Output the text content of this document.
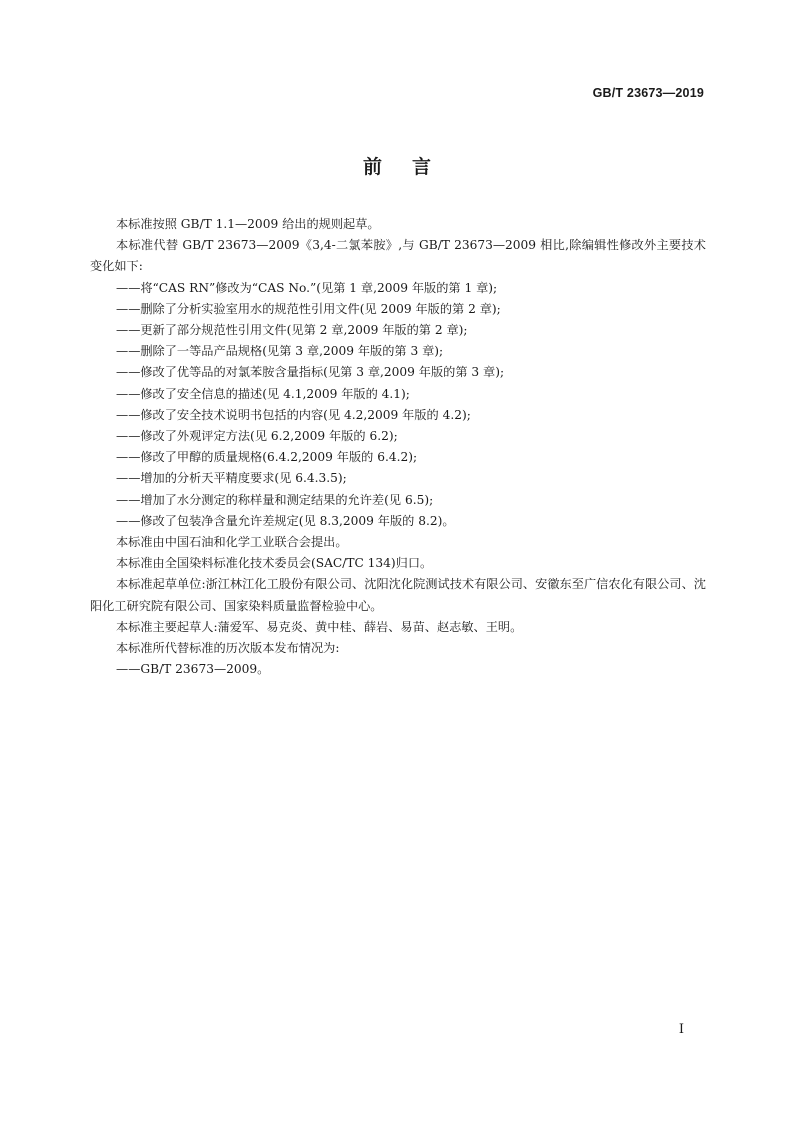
GB/T 23673—2019
前言

本标准按照 GB/T 1.1—2009 给出的规则起草。

本标准代替 GB/T 23673—2009《3,4-二氯苯胺》,与 GB/T 23673—2009 相比,除编辑性修改外主要技术变化如下:

——将“CAS RN”修改为“CAS No.”(见第 1 章,2009 年版的第 1 章);

——删除了分析实验室用水的规范性引用文件(见 2009 年版的第 2 章);

——更新了部分规范性引用文件(见第 2 章,2009 年版的第 2 章);

——删除了一等品产品规格(见第 3 章,2009 年版的第 3 章);

——修改了优等品的对氯苯胺含量指标(见第 3 章,2009 年版的第 3 章);

——修改了安全信息的描述(见 4.1,2009 年版的 4.1);

——修改了安全技术说明书包括的内容(见 4.2,2009 年版的 4.2);

——修改了外观评定方法(见 6.2,2009 年版的 6.2);

——修改了甲醇的质量规格(6.4.2,2009 年版的 6.4.2);

——增加的分析天平精度要求(见 6.4.3.5);

——增加了水分测定的称样量和测定结果的允许差(见 6.5);

——修改了包装净含量允许差规定(见 8.3,2009 年版的 8.2)。

本标准由中国石油和化学工业联合会提出。

本标准由全国染料标准化技术委员会(SAC/TC 134)归口。

本标准起草单位:浙江林江化工股份有限公司、沈阳沈化院测试技术有限公司、安徽东至广信农化有限公司、沈阳化工研究院有限公司、国家染料质量监督检验中心。

本标准主要起草人:蒲爱军、易克炎、黄中桂、薛岩、易苗、赵志敏、王明。

本标准所代替标准的历次版本发布情况为:

——GB/T 23673—2009。

I
